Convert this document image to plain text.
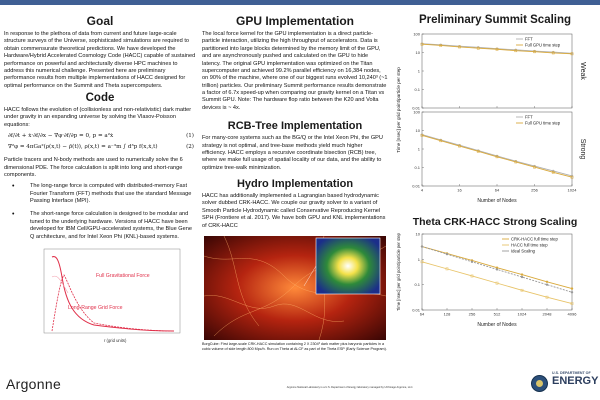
Goal

In response to the plethora of data from current and future large-scale structure surveys of the Universe, sophisticated simulations are required to obtain commensurate theoretical predictions. We have developed the Hardware/Hybrid Accelerated Cosmology Code (HACC) capable of sustained performance on powerful and architecturally diverse HPC machines to address this numerical challenge. Presented here are preliminary performance results from multiple implementations of HACC designed for optimal performance on the Summit and Theta supercomputers.

Code

HACC follows the evolution of (collisionless and non-relativistic) dark matter under gravity in an expanding universe by solving the Vlasov-Poisson equations:

∂f/∂t + ẋ·∂f/∂x − ∇φ·∂f/∂p = 0, p = a²ẋ	(1)
∇²φ = 4πGa²(ρ(x,t) − ρ̄(t)), ρ(x,t) = a⁻³m ∫ d³p f(x,ẋ,t)	(2)

Particle tracers and N-body methods are used to numerically solve the 6 dimensional PDE. The force calculation is split into long and short-range components.

•	The long-range force is computed with distributed-memory Fast Fourier Transform (FFT) methods that use the standard Message Passing Interface (MPI).
•	The short-range force calculation is designed to be modular and tuned to the underlying hardware. Versions of HACC have been developed for IBM Cell/GPU-accelerated systems, the Blue Gene Q architecture, and for Intel Xeon Phi (KNL)-based systems.
Full Gravitational Force
Long-Range Grid Force
r (grid units)
GPU Implementation

The local force kernel for the GPU implementation is a direct particle-particle interaction, utilizing the high throughput of accelerators. Data is partitioned into large blocks determined by the memory limit of the GPU, and are asynchronously pushed and calculated on the GPU to hide latency. The original GPU implementation was optimized on the Titan supercomputer and achieved 99.2% parallel efficiency on 16,384 nodes, on 90% of the machine, where one of our biggest runs evolved 10,240³ (~1 trillion) particles. Our preliminary Summit performance results demonstrate a factor of 6.7x speed-up when comparing our gravity kernel on a Titan vs Summit GPU. Note: The hardware flop ratio between the K20 and Volta devices is ~ 4x.

RCB-Tree Implementation

For many-core systems such as the BG/Q or the Intel Xeon Phi, the GPU strategy is not optimal, and tree-base methods yield much higher efficiency. HACC employs a recursive coordinate bisection (RCB) tree, where we make full usage of spatial locality of our data, and the ability to optimize tree-walk minimization.

Hydro Implementation

HACC has additionally implemented a Lagrangian based hydrodynamic solver dubbed CRK-HACC. We couple our gravity solver to a variant of Smooth Particle Hydrodynamic called Conservative Reproducing Kernel SPH (Frontiere et al. 2017). We have both GPU and KNL implementations of CRK-HACC

BorgCube: First large-scale CRK-HACC simulation containing 2 X 2304³ dark matter plus baryonic particles in a cubic volume of side length 800 Mpc/h. Run on Theta at ALCF as part of the Theta ESP (Early Science Program).

Preliminary Summit Scaling
0.01
0.1
1
10
100
FFT
Full GPU time step
Weak
0.01
0.1
1
10
100
4	16	64	256	1024
FFT
Full GPU time step
Strong
Time [nsec] per grid point/particle per step
Number of Nodes
Theta CRK-HACC Strong Scaling
0.01
0.1
1
10
64	128	256	512	1024	2048	4096
CRK-HACC full time step
HACC full time step
Ideal Scaling
Time [nsec] per grid point/particle per step
Number of Nodes
Argonne	Argonne National Laboratory is a U.S. Department of Energy laboratory managed by UChicago Argonne, LLC.
U.S. DEPARTMENT OF
ENERGY
